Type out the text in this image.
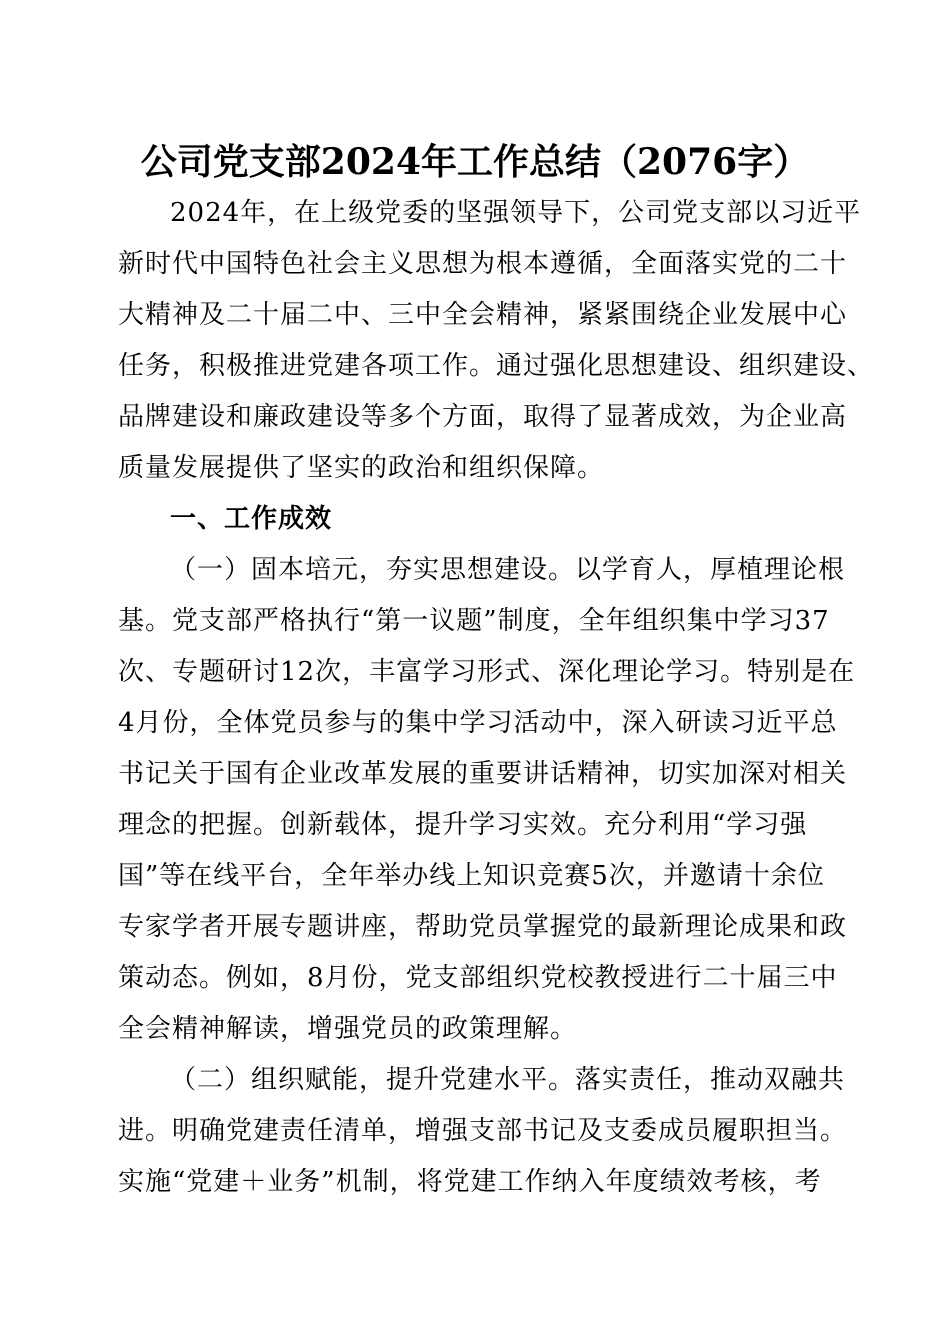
公司党支部2024年工作总结（2076字）
2024年，在上级党委的坚强领导下，公司党支部以习近平
新时代中国特色社会主义思想为根本遵循，全面落实党的二十
大精神及二十届二中、三中全会精神，紧紧围绕企业发展中心
任务，积极推进党建各项工作。通过强化思想建设、组织建设、
品牌建设和廉政建设等多个方面，取得了显著成效，为企业高
质量发展提供了坚实的政治和组织保障。
一、工作成效
（一）固本培元，夯实思想建设。以学育人，厚植理论根
基。党支部严格执行“第一议题”制度，全年组织集中学习37
次、专题研讨12次，丰富学习形式、深化理论学习。特别是在
4月份，全体党员参与的集中学习活动中，深入研读习近平总
书记关于国有企业改革发展的重要讲话精神，切实加深对相关
理念的把握。创新载体，提升学习实效。充分利用“学习强
国”等在线平台，全年举办线上知识竞赛5次，并邀请十余位
专家学者开展专题讲座，帮助党员掌握党的最新理论成果和政
策动态。例如，8月份，党支部组织党校教授进行二十届三中
全会精神解读，增强党员的政策理解。
（二）组织赋能，提升党建水平。落实责任，推动双融共
进。明确党建责任清单，增强支部书记及支委成员履职担当。
实施“党建＋业务”机制，将党建工作纳入年度绩效考核，考
